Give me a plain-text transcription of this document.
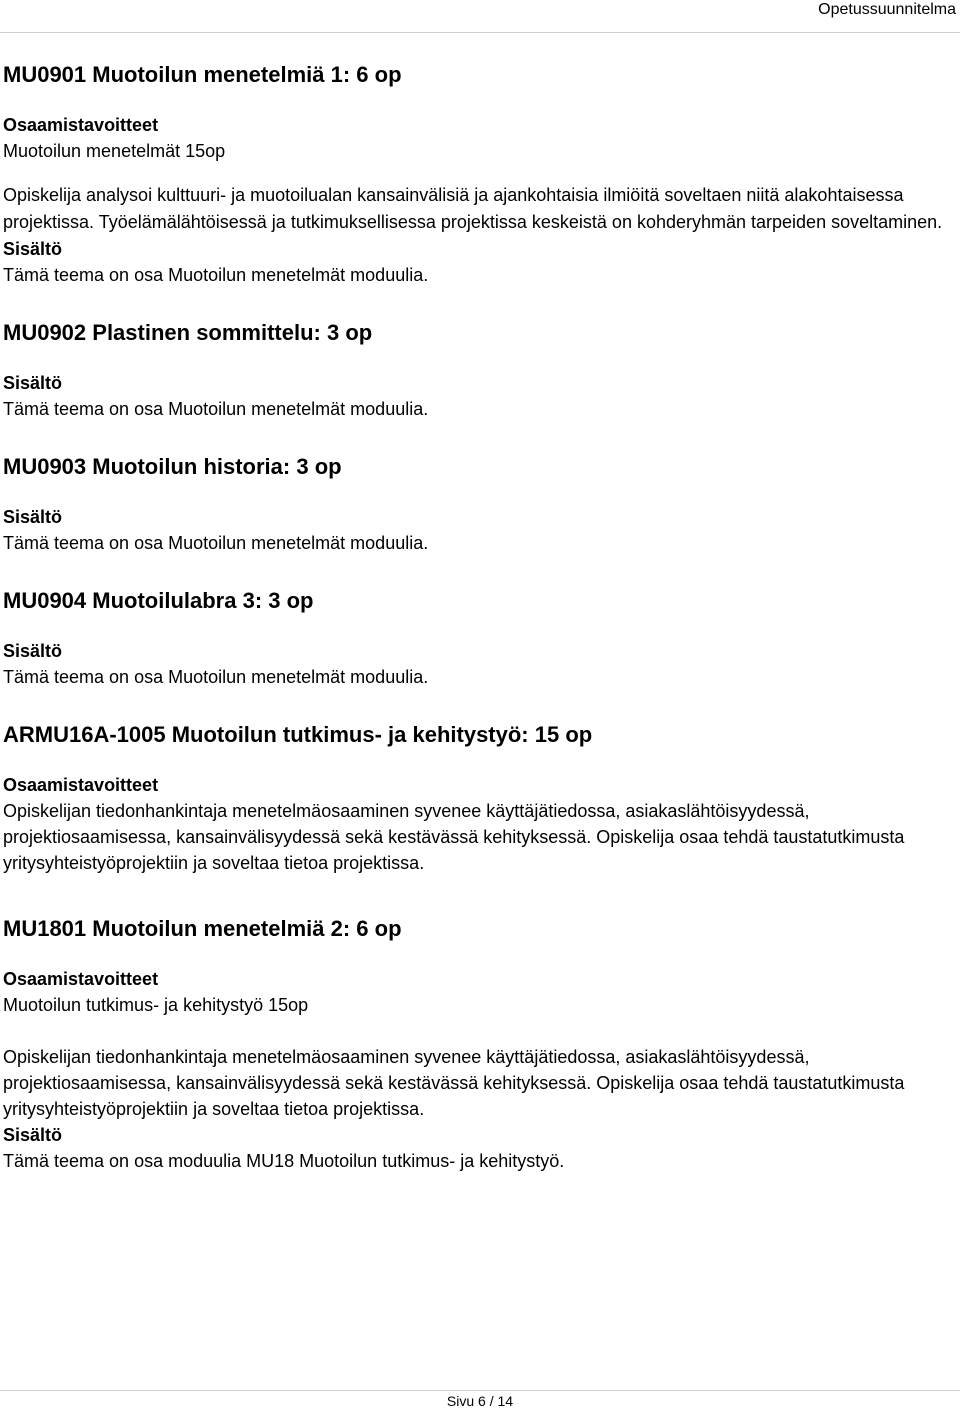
Opetussuunnitelma
MU0901 Muotoilun menetelmiä 1: 6 op

Osaamistavoitteet

Muotoilun menetelmät 15op

Opiskelija analysoi kulttuuri- ja muotoilualan kansainvälisiä ja ajankohtaisia ilmiöitä soveltaen niitä alakohtaisessa projektissa. Työelämälähtöisessä ja tutkimuksellisessa projektissa keskeistä on kohderyhmän tarpeiden soveltaminen.

Sisältö

Tämä teema on osa Muotoilun menetelmät moduulia.

MU0902 Plastinen sommittelu: 3 op

Sisältö

Tämä teema on osa Muotoilun menetelmät moduulia.

MU0903 Muotoilun historia: 3 op

Sisältö

Tämä teema on osa Muotoilun menetelmät moduulia.

MU0904 Muotoilulabra 3: 3 op

Sisältö

Tämä teema on osa Muotoilun menetelmät moduulia.

ARMU16A-1005 Muotoilun tutkimus- ja kehitystyö: 15 op

Osaamistavoitteet

Opiskelijan tiedonhankintaja menetelmäosaaminen syvenee käyttäjätiedossa, asiakaslähtöisyydessä, projektiosaamisessa, kansainvälisyydessä sekä kestävässä kehityksessä. Opiskelija osaa tehdä taustatutkimusta yritysyhteistyöprojektiin ja soveltaa tietoa projektissa.

MU1801 Muotoilun menetelmiä 2: 6 op

Osaamistavoitteet

Muotoilun tutkimus- ja kehitystyö 15op

Opiskelijan tiedonhankintaja menetelmäosaaminen syvenee käyttäjätiedossa, asiakaslähtöisyydessä, projektiosaamisessa, kansainvälisyydessä sekä kestävässä kehityksessä. Opiskelija osaa tehdä taustatutkimusta yritysyhteistyöprojektiin ja soveltaa tietoa projektissa.

Sisältö

Tämä teema on osa moduulia MU18 Muotoilun tutkimus- ja kehitystyö.

Sivu 6 / 14
